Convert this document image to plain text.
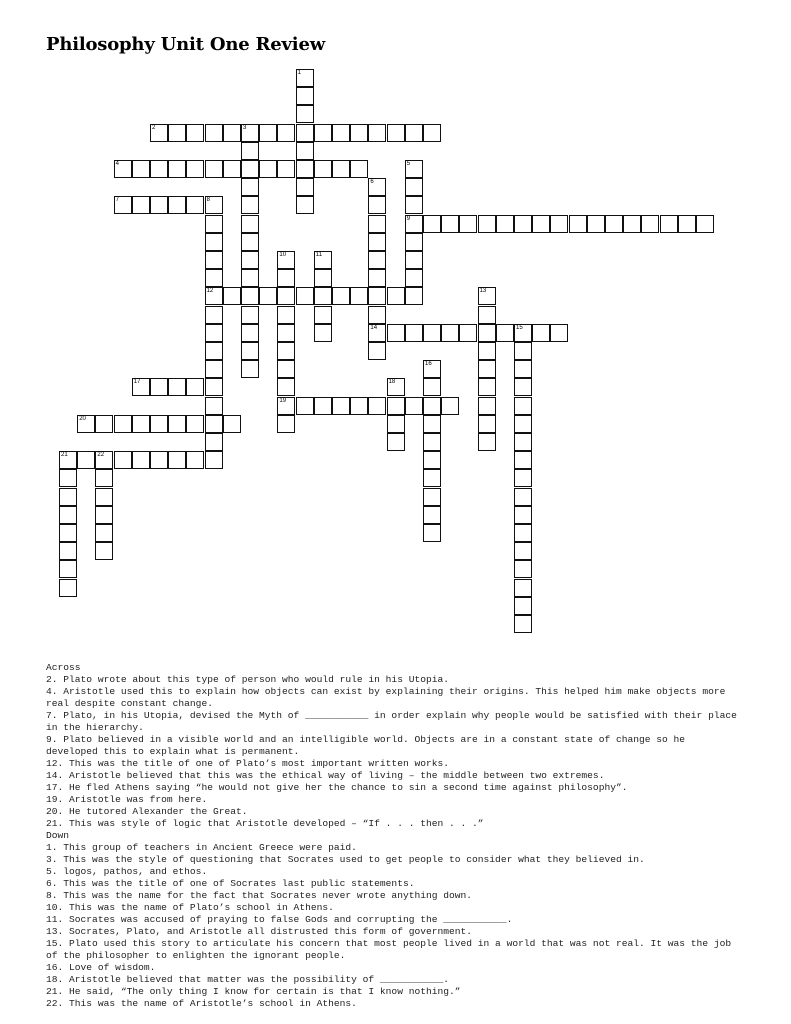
Philosophy Unit One Review
1
2	3
4	5
9
6
14
7	8
12
10
19
11
13
15
16
17	18
20
21	22

Across

2. Plato wrote about this type of person who would rule in his Utopia.

4. Aristotle used this to explain how objects can exist by explaining their origins. This helped him make objects more real despite constant change.

7. Plato, in his Utopia, devised the Myth of ___________ in order explain why people would be satisfied with their place in the hierarchy.

9. Plato believed in a visible world and an intelligible world. Objects are in a constant state of change so he developed this to explain what is permanent.

12. This was the title of one of Plato’s most important written works.

14. Aristotle believed that this was the ethical way of living – the middle between two extremes.

17. He fled Athens saying “he would not give her the chance to sin a second time against philosophy”.

19. Aristotle was from here.

20. He tutored Alexander the Great.

21. This was style of logic that Aristotle developed – “If . . . then . . .”

Down

1. This group of teachers in Ancient Greece were paid.

3. This was the style of questioning that Socrates used to get people to consider what they believed in.

5. logos, pathos, and ethos.

6. This was the title of one of Socrates last public statements.

8. This was the name for the fact that Socrates never wrote anything down.

10. This was the name of Plato’s school in Athens.

11. Socrates was accused of praying to false Gods and corrupting the ___________.

13. Socrates, Plato, and Aristotle all distrusted this form of government.

15. Plato used this story to articulate his concern that most people lived in a world that was not real. It was the job of the philosopher to enlighten the ignorant people.

16. Love of wisdom.

18. Aristotle believed that matter was the possibility of ___________.

21. He said, “The only thing I know for certain is that I know nothing.”

22. This was the name of Aristotle’s school in Athens.
